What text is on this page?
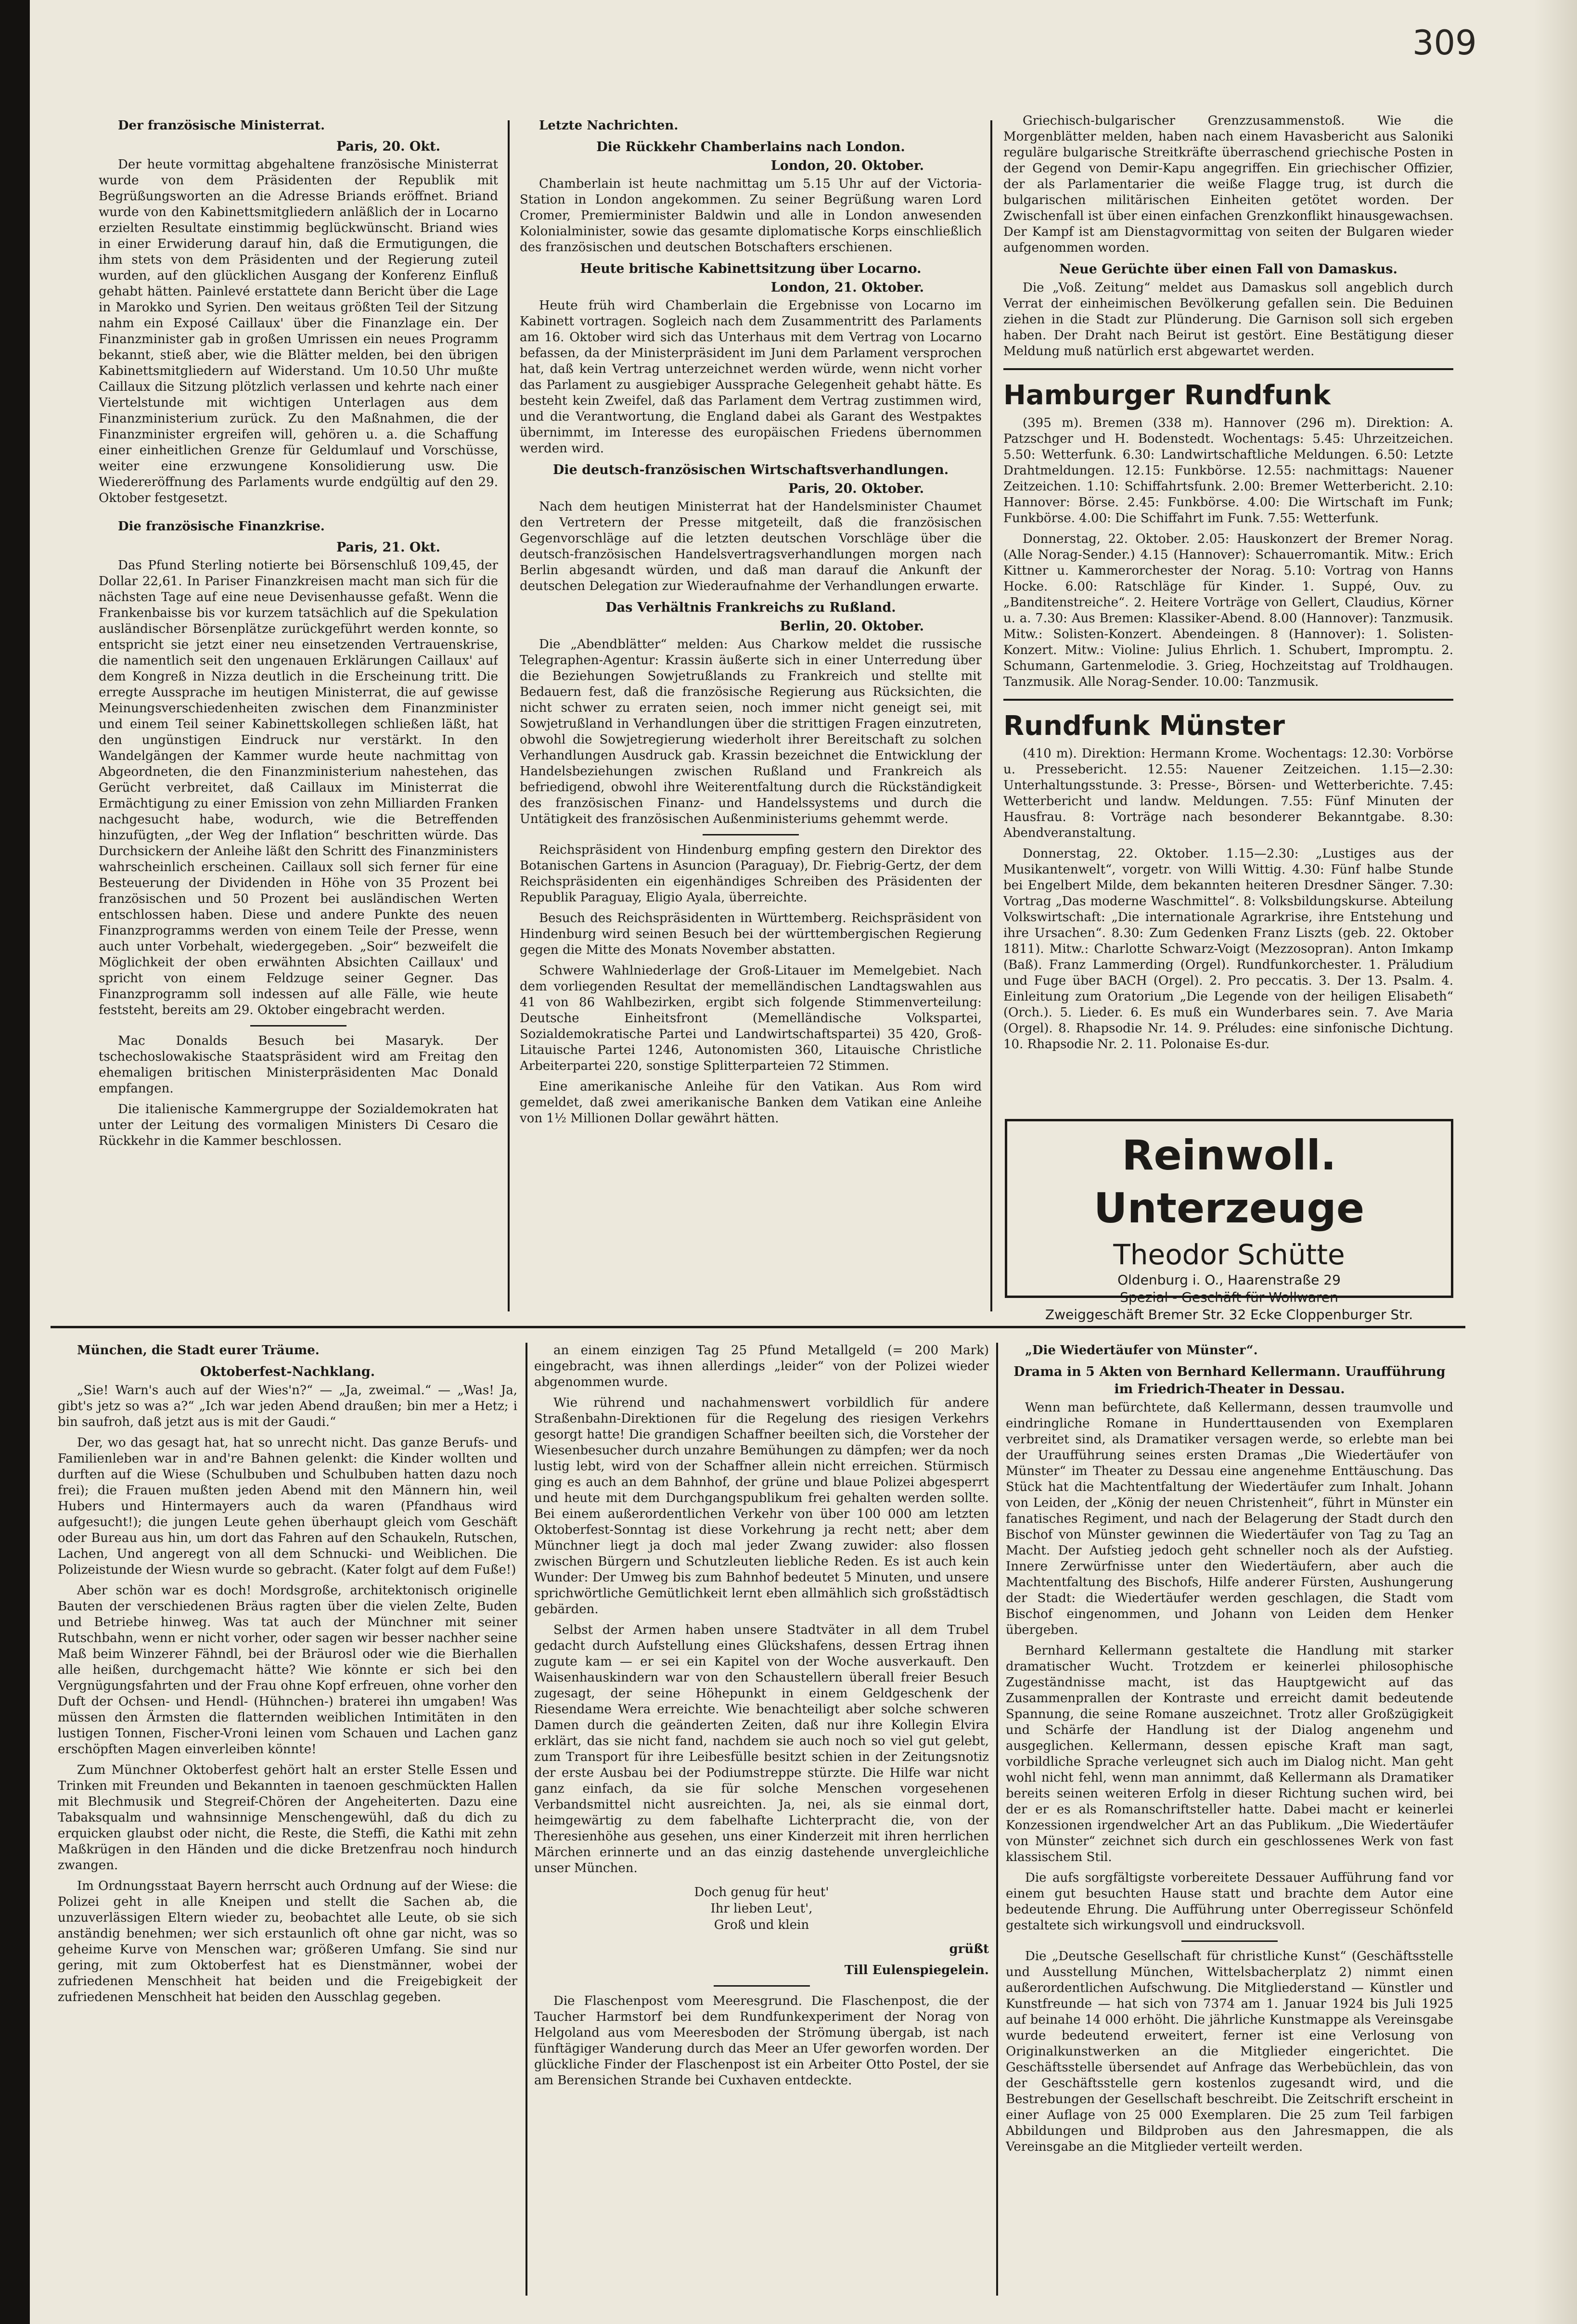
309

Der französische Ministerrat.

Paris, 20. Okt.

Der heute vormittag abgehaltene französische Ministerrat wurde von dem Präsidenten der Republik mit Begrüßungsworten an die Adresse Briands eröffnet. Briand wurde von den Kabinettsmitgliedern anläßlich der in Locarno erzielten Resultate einstimmig beglückwünscht. Briand wies in einer Erwiderung darauf hin, daß die Ermutigungen, die ihm stets von dem Präsidenten und der Regierung zuteil wurden, auf den glücklichen Ausgang der Konferenz Einfluß gehabt hätten. Painlevé erstattete dann Bericht über die Lage in Marokko und Syrien. Den weitaus größten Teil der Sitzung nahm ein Exposé Caillaux' über die Finanzlage ein. Der Finanzminister gab in großen Umrissen ein neues Programm bekannt, stieß aber, wie die Blätter melden, bei den übrigen Kabinettsmitgliedern auf Widerstand. Um 10.50 Uhr mußte Caillaux die Sitzung plötzlich verlassen und kehrte nach einer Viertelstunde mit wichtigen Unterlagen aus dem Finanzministerium zurück. Zu den Maßnahmen, die der Finanzminister ergreifen will, gehören u. a. die Schaffung einer einheitlichen Grenze für Geldumlauf und Vorschüsse, weiter eine erzwungene Konsolidierung usw. Die Wiedereröffnung des Parlaments wurde endgültig auf den 29. Oktober festgesetzt.

Die französische Finanzkrise.

Paris, 21. Okt.

Das Pfund Sterling notierte bei Börsenschluß 109,45, der Dollar 22,61. In Pariser Finanzkreisen macht man sich für die nächsten Tage auf eine neue Devisenhausse gefaßt. Wenn die Frankenbaisse bis vor kurzem tatsächlich auf die Spekulation ausländischer Börsenplätze zurückgeführt werden konnte, so entspricht sie jetzt einer neu einsetzenden Vertrauenskrise, die namentlich seit den ungenauen Erklärungen Caillaux' auf dem Kongreß in Nizza deutlich in die Erscheinung tritt. Die erregte Aussprache im heutigen Ministerrat, die auf gewisse Meinungsverschiedenheiten zwischen dem Finanzminister und einem Teil seiner Kabinettskollegen schließen läßt, hat den ungünstigen Eindruck nur verstärkt. In den Wandelgängen der Kammer wurde heute nachmittag von Abgeordneten, die den Finanzministerium nahestehen, das Gerücht verbreitet, daß Caillaux im Ministerrat die Ermächtigung zu einer Emission von zehn Milliarden Franken nachgesucht habe, wodurch, wie die Betreffenden hinzufügten, „der Weg der Inflation“ beschritten würde. Das Durchsickern der Anleihe läßt den Schritt des Finanzministers wahrscheinlich erscheinen. Caillaux soll sich ferner für eine Besteuerung der Dividenden in Höhe von 35 Prozent bei französischen und 50 Prozent bei ausländischen Werten entschlossen haben. Diese und andere Punkte des neuen Finanzprogramms werden von einem Teile der Presse, wenn auch unter Vorbehalt, wiedergegeben. „Soir“ bezweifelt die Möglichkeit der oben erwähnten Absichten Caillaux' und spricht von einem Feldzuge seiner Gegner. Das Finanzprogramm soll indessen auf alle Fälle, wie heute feststeht, bereits am 29. Oktober eingebracht werden.

Mac Donalds Besuch bei Masaryk. Der tschechoslowakische Staatspräsident wird am Freitag den ehemaligen britischen Ministerpräsidenten Mac Donald empfangen.

Die italienische Kammergruppe der Sozialdemokraten hat unter der Leitung des vormaligen Ministers Di Cesaro die Rückkehr in die Kammer beschlossen.

Letzte Nachrichten.

Die Rückkehr Chamberlains nach London.
London, 20. Oktober.

Chamberlain ist heute nachmittag um 5.15 Uhr auf der Victoria-Station in London angekommen. Zu seiner Begrüßung waren Lord Cromer, Premierminister Baldwin und alle in London anwesenden Kolonialminister, sowie das gesamte diplomatische Korps einschließlich des französischen und deutschen Botschafters erschienen.

Heute britische Kabinettsitzung über Locarno.
London, 21. Oktober.

Heute früh wird Chamberlain die Ergebnisse von Locarno im Kabinett vortragen. Sogleich nach dem Zusammentritt des Parlaments am 16. Oktober wird sich das Unterhaus mit dem Vertrag von Locarno befassen, da der Ministerpräsident im Juni dem Parlament versprochen hat, daß kein Vertrag unterzeichnet werden würde, wenn nicht vorher das Parlament zu ausgiebiger Aussprache Gelegenheit gehabt hätte. Es besteht kein Zweifel, daß das Parlament dem Vertrag zustimmen wird, und die Verantwortung, die England dabei als Garant des Westpaktes übernimmt, im Interesse des europäischen Friedens übernommen werden wird.

Die deutsch-französischen Wirtschaftsverhandlungen.
Paris, 20. Oktober.

Nach dem heutigen Ministerrat hat der Handelsminister Chaumet den Vertretern der Presse mitgeteilt, daß die französischen Gegenvorschläge auf die letzten deutschen Vorschläge über die deutsch-französischen Handelsvertragsverhandlungen morgen nach Berlin abgesandt würden, und daß man darauf die Ankunft der deutschen Delegation zur Wiederaufnahme der Verhandlungen erwarte.

Das Verhältnis Frankreichs zu Rußland.
Berlin, 20. Oktober.

Die „Abendblätter“ melden: Aus Charkow meldet die russische Telegraphen-Agentur: Krassin äußerte sich in einer Unterredung über die Beziehungen Sowjetrußlands zu Frankreich und stellte mit Bedauern fest, daß die französische Regierung aus Rücksichten, die nicht schwer zu erraten seien, noch immer nicht geneigt sei, mit Sowjetrußland in Verhandlungen über die strittigen Fragen einzutreten, obwohl die Sowjetregierung wiederholt ihrer Bereitschaft zu solchen Verhandlungen Ausdruck gab. Krassin bezeichnet die Entwicklung der Handelsbeziehungen zwischen Rußland und Frankreich als befriedigend, obwohl ihre Weiterentfaltung durch die Rückständigkeit des französischen Finanz- und Handelssystems und durch die Untätigkeit des französischen Außenministeriums gehemmt werde.

Reichspräsident von Hindenburg empfing gestern den Direktor des Botanischen Gartens in Asuncion (Paraguay), Dr. Fiebrig-Gertz, der dem Reichspräsidenten ein eigenhändiges Schreiben des Präsidenten der Republik Paraguay, Eligio Ayala, überreichte.

Besuch des Reichspräsidenten in Württemberg. Reichspräsident von Hindenburg wird seinen Besuch bei der württembergischen Regierung gegen die Mitte des Monats November abstatten.

Schwere Wahlniederlage der Groß-Litauer im Memelgebiet. Nach dem vorliegenden Resultat der memelländischen Landtagswahlen aus 41 von 86 Wahlbezirken, ergibt sich folgende Stimmenverteilung: Deutsche Einheitsfront (Memelländische Volkspartei, Sozialdemokratische Partei und Landwirtschaftspartei) 35 420, Groß-Litauische Partei 1246, Autonomisten 360, Litauische Christliche Arbeiterpartei 220, sonstige Splitterparteien 72 Stimmen.

Eine amerikanische Anleihe für den Vatikan. Aus Rom wird gemeldet, daß zwei amerikanische Banken dem Vatikan eine Anleihe von 1½ Millionen Dollar gewährt hätten.

Griechisch-bulgarischer Grenzzusammenstoß. Wie die Morgenblätter melden, haben nach einem Havasbericht aus Saloniki reguläre bulgarische Streitkräfte überraschend griechische Posten in der Gegend von Demir-Kapu angegriffen. Ein griechischer Offizier, der als Parlamentarier die weiße Flagge trug, ist durch die bulgarischen militärischen Einheiten getötet worden. Der Zwischenfall ist über einen einfachen Grenzkonflikt hinausgewachsen. Der Kampf ist am Dienstagvormittag von seiten der Bulgaren wieder aufgenommen worden.

Neue Gerüchte über einen Fall von Damaskus.

Die „Voß. Zeitung“ meldet aus Damaskus soll angeblich durch Verrat der einheimischen Bevölkerung gefallen sein. Die Beduinen ziehen in die Stadt zur Plünderung. Die Garnison soll sich ergeben haben. Der Draht nach Beirut ist gestört. Eine Bestätigung dieser Meldung muß natürlich erst abgewartet werden.

Hamburger Rundfunk

(395 m). Bremen (338 m). Hannover (296 m). Direktion: A. Patzschger und H. Bodenstedt. Wochentags: 5.45: Uhrzeitzeichen. 5.50: Wetterfunk. 6.30: Landwirtschaftliche Meldungen. 6.50: Letzte Drahtmeldungen. 12.15: Funkbörse. 12.55: nachmittags: Nauener Zeitzeichen. 1.10: Schiffahrtsfunk. 2.00: Bremer Wetterbericht. 2.10: Hannover: Börse. 2.45: Funkbörse. 4.00: Die Wirtschaft im Funk; Funkbörse. 4.00: Die Schiffahrt im Funk. 7.55: Wetterfunk.

Donnerstag, 22. Oktober. 2.05: Hauskonzert der Bremer Norag. (Alle Norag-Sender.) 4.15 (Hannover): Schauerromantik. Mitw.: Erich Kittner u. Kammerorchester der Norag. 5.10: Vortrag von Hanns Hocke. 6.00: Ratschläge für Kinder. 1. Suppé, Ouv. zu „Banditenstreiche“. 2. Heitere Vorträge von Gellert, Claudius, Körner u. a. 7.30: Aus Bremen: Klassiker-Abend. 8.00 (Hannover): Tanzmusik. Mitw.: Solisten-Konzert. Abendeingen. 8 (Hannover): 1. Solisten-Konzert. Mitw.: Violine: Julius Ehrlich. 1. Schubert, Impromptu. 2. Schumann, Gartenmelodie. 3. Grieg, Hochzeitstag auf Troldhaugen. Tanzmusik. Alle Norag-Sender. 10.00: Tanzmusik.

Rundfunk Münster

(410 m). Direktion: Hermann Krome. Wochentags: 12.30: Vorbörse u. Pressebericht. 12.55: Nauener Zeitzeichen. 1.15—2.30: Unterhaltungsstunde. 3: Presse-, Börsen- und Wetterberichte. 7.45: Wetterbericht und landw. Meldungen. 7.55: Fünf Minuten der Hausfrau. 8: Vorträge nach besonderer Bekanntgabe. 8.30: Abendveranstaltung.

Donnerstag, 22. Oktober. 1.15—2.30: „Lustiges aus der Musikantenwelt“, vorgetr. von Willi Wittig. 4.30: Fünf halbe Stunde bei Engelbert Milde, dem bekannten heiteren Dresdner Sänger. 7.30: Vortrag „Das moderne Waschmittel“. 8: Volksbildungskurse. Abteilung Volkswirtschaft: „Die internationale Agrarkrise, ihre Entstehung und ihre Ursachen“. 8.30: Zum Gedenken Franz Liszts (geb. 22. Oktober 1811). Mitw.: Charlotte Schwarz-Voigt (Mezzosopran). Anton Imkamp (Baß). Franz Lammerding (Orgel). Rundfunkorchester. 1. Präludium und Fuge über BACH (Orgel). 2. Pro peccatis. 3. Der 13. Psalm. 4. Einleitung zum Oratorium „Die Legende von der heiligen Elisabeth“ (Orch.). 5. Lieder. 6. Es muß ein Wunderbares sein. 7. Ave Maria (Orgel). 8. Rhapsodie Nr. 14. 9. Préludes: eine sinfonische Dichtung. 10. Rhapsodie Nr. 2. 11. Polonaise Es-dur.

Reinwoll. Unterzeuge

Theodor Schütte

Oldenburg i. O., Haarenstraße 29

Spezial - Geschäft für Wollwaren

Zweiggeschäft Bremer Str. 32 Ecke Cloppenburger Str.

München, die Stadt eurer Träume.

Oktoberfest-Nachklang.

„Sie! Warn's auch auf der Wies'n?“ — „Ja, zweimal.“ — „Was! Ja, gibt's jetz so was a?“ „Ich war jeden Abend draußen; bin mer a Hetz; i bin saufroh, daß jetzt aus is mit der Gaudi.“

Der, wo das gesagt hat, hat so unrecht nicht. Das ganze Berufs- und Familienleben war in and're Bahnen gelenkt: die Kinder wollten und durften auf die Wiese (Schulbuben und Schulbuben hatten dazu noch frei); die Frauen mußten jeden Abend mit den Männern hin, weil Hubers und Hintermayers auch da waren (Pfandhaus wird aufgesucht!); die jungen Leute gehen überhaupt gleich vom Geschäft oder Bureau aus hin, um dort das Fahren auf den Schaukeln, Rutschen, Lachen, Und angeregt von all dem Schnucki- und Weiblichen. Die Polizeistunde der Wiesn wurde so gebracht. (Kater folgt auf dem Fuße!)

Aber schön war es doch! Mordsgroße, architektonisch originelle Bauten der verschiedenen Bräus ragten über die vielen Zelte, Buden und Betriebe hinweg. Was tat auch der Münchner mit seiner Rutschbahn, wenn er nicht vorher, oder sagen wir besser nachher seine Maß beim Winzerer Fähndl, bei der Bräurosl oder wie die Bierhallen alle heißen, durchgemacht hätte? Wie könnte er sich bei den Vergnügungsfahrten und der Frau ohne Kopf erfreuen, ohne vorher den Duft der Ochsen- und Hendl- (Hühnchen-) braterei ihn umgaben! Was müssen den Ärmsten die flatternden weiblichen Intimitäten in den lustigen Tonnen, Fischer-Vroni leinen vom Schauen und Lachen ganz erschöpften Magen einverleiben könnte!

Zum Münchner Oktoberfest gehört halt an erster Stelle Essen und Trinken mit Freunden und Bekannten in taenoen geschmückten Hallen mit Blechmusik und Stegreif-Chören der Angeheiterten. Dazu eine Tabaksqualm und wahnsinnige Menschengewühl, daß du dich zu erquicken glaubst oder nicht, die Reste, die Steffi, die Kathi mit zehn Maßkrügen in den Händen und die dicke Bretzenfrau noch hindurch zwangen.

Im Ordnungsstaat Bayern herrscht auch Ordnung auf der Wiese: die Polizei geht in alle Kneipen und stellt die Sachen ab, die unzuverlässigen Eltern wieder zu, beobachtet alle Leute, ob sie sich anständig benehmen; wer sich erstaunlich oft ohne gar nicht, was so geheime Kurve von Menschen war; größeren Umfang. Sie sind nur gering, mit zum Oktoberfest hat es Dienstmänner, wobei der zufriedenen Menschheit hat beiden und die Freigebigkeit der zufriedenen Menschheit hat beiden den Ausschlag gegeben.

an einem einzigen Tag 25 Pfund Metallgeld (= 200 Mark) eingebracht, was ihnen allerdings „leider“ von der Polizei wieder abgenommen wurde.

Wie rührend und nachahmenswert vorbildlich für andere Straßenbahn-Direktionen für die Regelung des riesigen Verkehrs gesorgt hatte! Die grandigen Schaffner beeilten sich, die Vorsteher der Wiesenbesucher durch unzahre Bemühungen zu dämpfen; wer da noch lustig lebt, wird von der Schaffner allein nicht erreichen. Stürmisch ging es auch an dem Bahnhof, der grüne und blaue Polizei abgesperrt und heute mit dem Durchgangspublikum frei gehalten werden sollte. Bei einem außerordentlichen Verkehr von über 100 000 am letzten Oktoberfest-Sonntag ist diese Vorkehrung ja recht nett; aber dem Münchner liegt ja doch mal jeder Zwang zuwider: also flossen zwischen Bürgern und Schutzleuten liebliche Reden. Es ist auch kein Wunder: Der Umweg bis zum Bahnhof bedeutet 5 Minuten, und unsere sprichwörtliche Gemütlichkeit lernt eben allmählich sich großstädtisch gebärden.

Selbst der Armen haben unsere Stadtväter in all dem Trubel gedacht durch Aufstellung eines Glückshafens, dessen Ertrag ihnen zugute kam — er sei ein Kapitel von der Woche ausverkauft. Den Waisenhauskindern war von den Schaustellern überall freier Besuch zugesagt, der seine Höhepunkt in einem Geldgeschenk der Riesendame Wera erreichte. Wie benachteiligt aber solche schweren Damen durch die geänderten Zeiten, daß nur ihre Kollegin Elvira erklärt, das sie nicht fand, nachdem sie auch noch so viel gut gelebt, zum Transport für ihre Leibesfülle besitzt schien in der Zeitungsnotiz der erste Ausbau bei der Podiumstreppe stürzte. Die Hilfe war nicht ganz einfach, da sie für solche Menschen vorgesehenen Verbandsmittel nicht ausreichten. Ja, nei, als sie einmal dort, heimgewärtig zu dem fabelhafte Lichterpracht die, von der Theresienhöhe aus gesehen, uns einer Kinderzeit mit ihren herrlichen Märchen erinnerte und an das einzig dastehende unvergleichliche unser München.

Doch genug für heut'
Ihr lieben Leut',
Groß und klein
grüßt
Till Eulenspiegelein.

Die Flaschenpost vom Meeresgrund. Die Flaschenpost, die der Taucher Harmstorf bei dem Rundfunkexperiment der Norag von Helgoland aus vom Meeresboden der Strömung übergab, ist nach fünftägiger Wanderung durch das Meer an Ufer geworfen worden. Der glückliche Finder der Flaschenpost ist ein Arbeiter Otto Postel, der sie am Berensichen Strande bei Cuxhaven entdeckte.

„Die Wiedertäufer von Münster“.

Drama in 5 Akten von Bernhard Kellermann. Uraufführung im Friedrich-Theater in Dessau.

Wenn man befürchtete, daß Kellermann, dessen traumvolle und eindringliche Romane in Hunderttausenden von Exemplaren verbreitet sind, als Dramatiker versagen werde, so erlebte man bei der Uraufführung seines ersten Dramas „Die Wiedertäufer von Münster“ im Theater zu Dessau eine angenehme Enttäuschung. Das Stück hat die Machtentfaltung der Wiedertäufer zum Inhalt. Johann von Leiden, der „König der neuen Christenheit“, führt in Münster ein fanatisches Regiment, und nach der Belagerung der Stadt durch den Bischof von Münster gewinnen die Wiedertäufer von Tag zu Tag an Macht. Der Aufstieg jedoch geht schneller noch als der Aufstieg. Innere Zerwürfnisse unter den Wiedertäufern, aber auch die Machtentfaltung des Bischofs, Hilfe anderer Fürsten, Aushungerung der Stadt: die Wiedertäufer werden geschlagen, die Stadt vom Bischof eingenommen, und Johann von Leiden dem Henker übergeben.

Bernhard Kellermann gestaltete die Handlung mit starker dramatischer Wucht. Trotzdem er keinerlei philosophische Zugeständnisse macht, ist das Hauptgewicht auf das Zusammenprallen der Kontraste und erreicht damit bedeutende Spannung, die seine Romane auszeichnet. Trotz aller Großzügigkeit und Schärfe der Handlung ist der Dialog angenehm und ausgeglichen. Kellermann, dessen epische Kraft man sagt, vorbildliche Sprache verleugnet sich auch im Dialog nicht. Man geht wohl nicht fehl, wenn man annimmt, daß Kellermann als Dramatiker bereits seinen weiteren Erfolg in dieser Richtung suchen wird, bei der er es als Romanschriftsteller hatte. Dabei macht er keinerlei Konzessionen irgendwelcher Art an das Publikum. „Die Wiedertäufer von Münster“ zeichnet sich durch ein geschlossenes Werk von fast klassischem Stil.

Die aufs sorgfältigste vorbereitete Dessauer Aufführung fand vor einem gut besuchten Hause statt und brachte dem Autor eine bedeutende Ehrung. Die Aufführung unter Oberregisseur Schönfeld gestaltete sich wirkungsvoll und eindrucksvoll.

Die „Deutsche Gesellschaft für christliche Kunst“ (Geschäftsstelle und Ausstellung München, Wittelsbacherplatz 2) nimmt einen außerordentlichen Aufschwung. Die Mitgliederstand — Künstler und Kunstfreunde — hat sich von 7374 am 1. Januar 1924 bis Juli 1925 auf beinahe 14 000 erhöht. Die jährliche Kunstmappe als Vereinsgabe wurde bedeutend erweitert, ferner ist eine Verlosung von Originalkunstwerken an die Mitglieder eingerichtet. Die Geschäftsstelle übersendet auf Anfrage das Werbebüchlein, das von der Geschäftsstelle gern kostenlos zugesandt wird, und die Bestrebungen der Gesellschaft beschreibt. Die Zeitschrift erscheint in einer Auflage von 25 000 Exemplaren. Die 25 zum Teil farbigen Abbildungen und Bildproben aus den Jahresmappen, die als Vereinsgabe an die Mitglieder verteilt werden.
